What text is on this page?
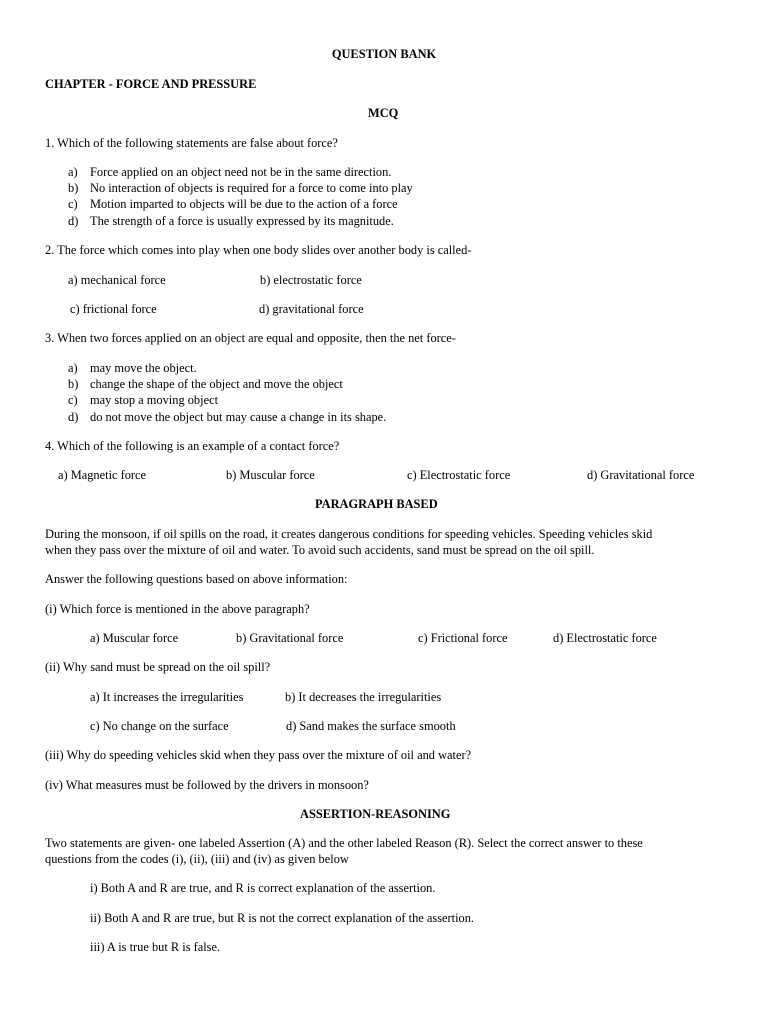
QUESTION BANK
CHAPTER - FORCE AND PRESSURE
MCQ
1. Which of the following statements are false about force?
a) Force applied on an object need not be in the same direction.
b) No interaction of objects is required for a force to come into play
c) Motion imparted to objects will be due to the action of a force
d) The strength of a force is usually expressed by its magnitude.
2. The force which comes into play when one body slides over another body is called-
a) mechanical force	b) electrostatic force
c) frictional force	d) gravitational force
3. When two forces applied on an object are equal and opposite, then the net force-
a) may move the object.
b) change the shape of the object and move the object
c) may stop a moving object
d) do not move the object but may cause a change in its shape.
4. Which of the following is an example of a contact force?
a) Magnetic force	b) Muscular force	c) Electrostatic force	d) Gravitational force
PARAGRAPH BASED
During the monsoon, if oil spills on the road, it creates dangerous conditions for speeding vehicles. Speeding vehicles skid
when they pass over the mixture of oil and water. To avoid such accidents, sand must be spread on the oil spill.
Answer the following questions based on above information:
(i) Which force is mentioned in the above paragraph?
a) Muscular force	b) Gravitational force	c) Frictional force	d) Electrostatic force
(ii) Why sand must be spread on the oil spill?
a) It increases the irregularities	b) It decreases the irregularities
c) No change on the surface	d) Sand makes the surface smooth
(iii) Why do speeding vehicles skid when they pass over the mixture of oil and water?
(iv) What measures must be followed by the drivers in monsoon?
ASSERTION-REASONING
Two statements are given- one labeled Assertion (A) and the other labeled Reason (R). Select the correct answer to these
questions from the codes (i), (ii), (iii) and (iv) as given below
i) Both A and R are true, and R is correct explanation of the assertion.
ii) Both A and R are true, but R is not the correct explanation of the assertion.
iii) A is true but R is false.
